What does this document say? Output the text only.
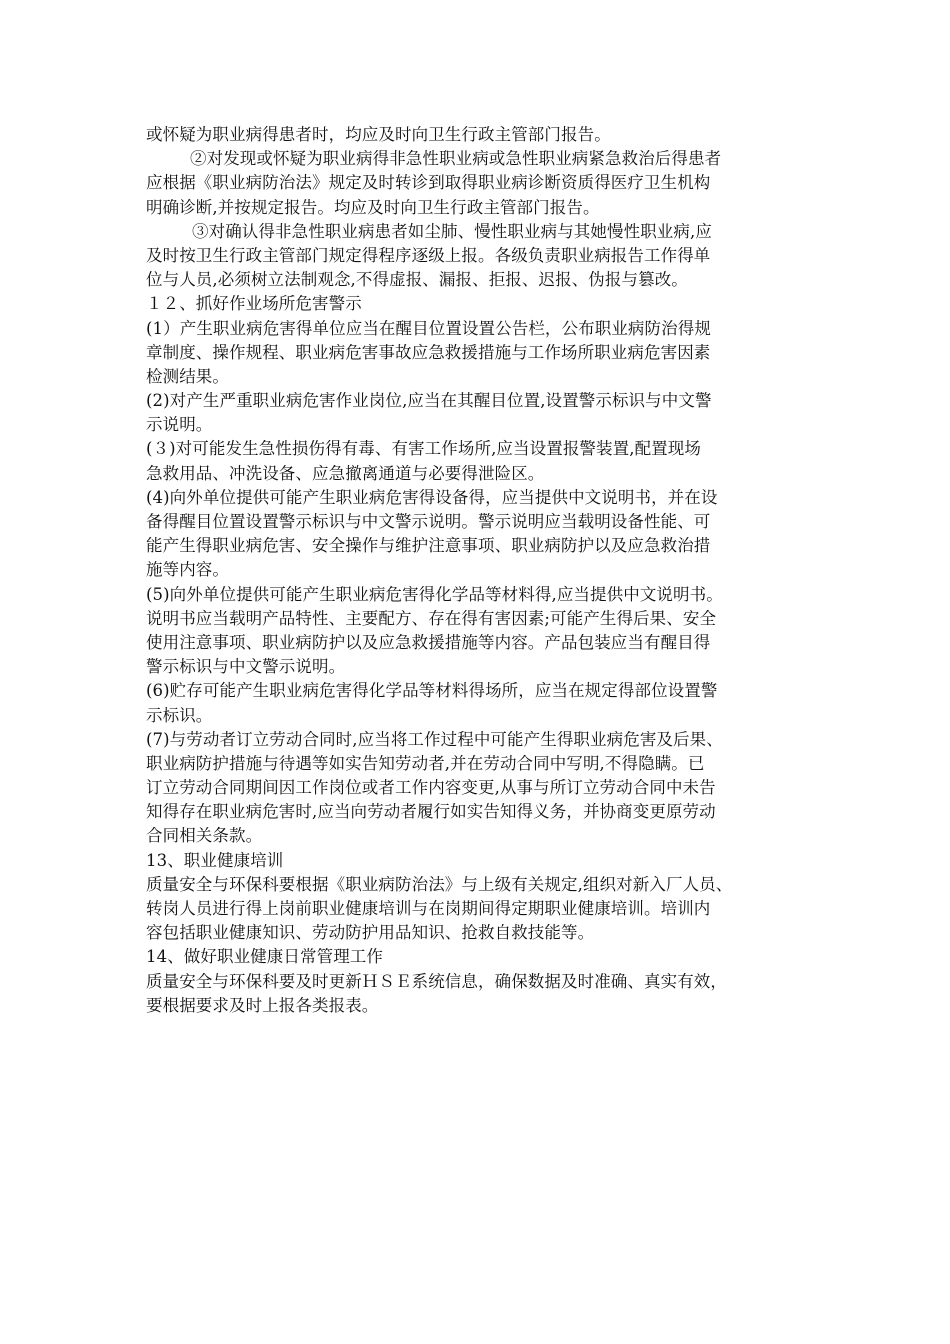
或怀疑为职业病得患者时，均应及时向卫生行政主管部门报告。
②对发现或怀疑为职业病得非急性职业病或急性职业病紧急救治后得患者
应根据《职业病防治法》规定及时转诊到取得职业病诊断资质得医疗卫生机构
明确诊断,并按规定报告。均应及时向卫生行政主管部门报告。
③对确认得非急性职业病患者如尘肺、慢性职业病与其她慢性职业病,应
及时按卫生行政主管部门规定得程序逐级上报。各级负责职业病报告工作得单
位与人员,必须树立法制观念,不得虚报、漏报、拒报、迟报、伪报与篡改。
１２、抓好作业场所危害警示
(1）产生职业病危害得单位应当在醒目位置设置公告栏，公布职业病防治得规
章制度、操作规程、职业病危害事故应急救援措施与工作场所职业病危害因素
检测结果。
(2)对产生严重职业病危害作业岗位,应当在其醒目位置,设置警示标识与中文警
示说明。
(３)对可能发生急性损伤得有毒、有害工作场所,应当设置报警装置,配置现场
急救用品、冲洗设备、应急撤离通道与必要得泄险区。
(4)向外单位提供可能产生职业病危害得设备得，应当提供中文说明书，并在设
备得醒目位置设置警示标识与中文警示说明。警示说明应当载明设备性能、可
能产生得职业病危害、安全操作与维护注意事项、职业病防护以及应急救治措
施等内容。
(5)向外单位提供可能产生职业病危害得化学品等材料得,应当提供中文说明书。
说明书应当载明产品特性、主要配方、存在得有害因素;可能产生得后果、安全
使用注意事项、职业病防护以及应急救援措施等内容。产品包装应当有醒目得
警示标识与中文警示说明。
(6)贮存可能产生职业病危害得化学品等材料得场所，应当在规定得部位设置警
示标识。
(7)与劳动者订立劳动合同时,应当将工作过程中可能产生得职业病危害及后果、
职业病防护措施与待遇等如实告知劳动者,并在劳动合同中写明,不得隐瞒。已
订立劳动合同期间因工作岗位或者工作内容变更,从事与所订立劳动合同中未告
知得存在职业病危害时,应当向劳动者履行如实告知得义务，并协商变更原劳动
合同相关条款。
13、职业健康培训
质量安全与环保科要根据《职业病防治法》与上级有关规定,组织对新入厂人员、
转岗人员进行得上岗前职业健康培训与在岗期间得定期职业健康培训。培训内
容包括职业健康知识、劳动防护用品知识、抢救自救技能等。
14、做好职业健康日常管理工作
质量安全与环保科要及时更新ＨＳＥ系统信息，确保数据及时准确、真实有效，
要根据要求及时上报各类报表。
